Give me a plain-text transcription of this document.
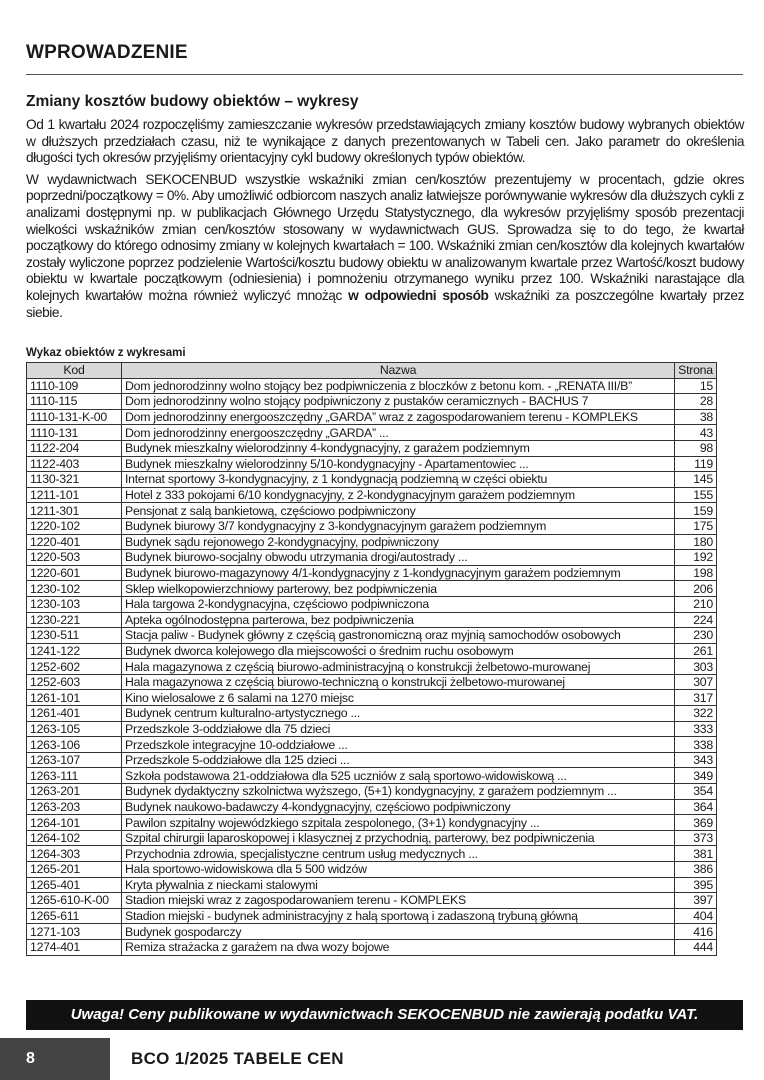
WPROWADZENIE
Zmiany kosztów budowy obiektów – wykresy

Od 1 kwartału 2024 rozpoczęliśmy zamieszczanie wykresów przedstawiających zmiany kosztów budowy wybranych obiektów w dłuższych przedziałach czasu, niż te wynikające z danych prezentowanych w Tabeli cen. Jako parametr do określenia długości tych okresów przyjęliśmy orientacyjny cykl budowy określonych typów obiektów.

W wydawnictwach SEKOCENBUD wszystkie wskaźniki zmian cen/kosztów prezentujemy w procentach, gdzie okres poprzedni/początkowy = 0%. Aby umożliwić odbiorcom naszych analiz łatwiejsze porównywanie wykresów dla dłuższych cykli z analizami dostępnymi np. w publikacjach Głównego Urzędu Statystycznego, dla wykresów przyjęliśmy sposób prezentacji wielkości wskaźników zmian cen/kosztów stosowany w wydawnictwach GUS. Sprowadza się to do tego, że kwartał początkowy do którego odnosimy zmiany w kolejnych kwartałach = 100. Wskaźniki zmian cen/kosztów dla kolejnych kwartałów zostały wyliczone poprzez podzielenie Wartości/kosztu budowy obiektu w analizowanym kwartale przez Wartość/koszt budowy obiektu w kwartale początkowym (odniesienia) i pomnożeniu otrzymanego wyniku przez 100. Wskaźniki narastające dla kolejnych kwartałów można również wyliczyć mnożąc w odpowiedni sposób wskaźniki za poszczególne kwartały przez siebie.

Wykaz obiektów z wykresami
Kod	Nazwa	Strona
1110-109	Dom jednorodzinny wolno stojący bez podpiwniczenia z bloczków z betonu kom. - „RENATA III/B”	15
1110-115	Dom jednorodzinny wolno stojący podpiwniczony z pustaków ceramicznych - BACHUS 7	28
1110-131-K-00	Dom jednorodzinny energooszczędny „GARDA” wraz z zagospodarowaniem terenu - KOMPLEKS	38
1110-131	Dom jednorodzinny energooszczędny „GARDA” ...	43
1122-204	Budynek mieszkalny wielorodzinny 4-kondygnacyjny, z garażem podziemnym	98
1122-403	Budynek mieszkalny wielorodzinny 5/10-kondygnacyjny - Apartamentowiec ...	119
1130-321	Internat sportowy 3-kondygnacyjny, z 1 kondygnacją podziemną w części obiektu	145
1211-101	Hotel z 333 pokojami 6/10 kondygnacyjny, z 2-kondygnacyjnym garażem podziemnym	155
1211-301	Pensjonat z salą bankietową, częściowo podpiwniczony	159
1220-102	Budynek biurowy 3/7 kondygnacyjny z 3-kondygnacyjnym garażem podziemnym	175
1220-401	Budynek sądu rejonowego 2-kondygnacyjny, podpiwniczony	180
1220-503	Budynek biurowo-socjalny obwodu utrzymania drogi/autostrady ...	192
1220-601	Budynek biurowo-magazynowy 4/1-kondygnacyjny z 1-kondygnacyjnym garażem podziemnym	198
1230-102	Sklep wielkopowierzchniowy parterowy, bez podpiwniczenia	206
1230-103	Hala targowa 2-kondygnacyjna, częściowo podpiwniczona	210
1230-221	Apteka ogólnodostępna parterowa, bez podpiwniczenia	224
1230-511	Stacja paliw - Budynek główny z częścią gastronomiczną oraz myjnią samochodów osobowych	230
1241-122	Budynek dworca kolejowego dla miejscowości o średnim ruchu osobowym	261
1252-602	Hala magazynowa z częścią biurowo-administracyjną o konstrukcji żelbetowo-murowanej	303
1252-603	Hala magazynowa z częścią biurowo-techniczną o konstrukcji żelbetowo-murowanej	307
1261-101	Kino wielosalowe z 6 salami na 1270 miejsc	317
1261-401	Budynek centrum kulturalno-artystycznego ...	322
1263-105	Przedszkole 3-oddziałowe dla 75 dzieci	333
1263-106	Przedszkole integracyjne 10-oddziałowe ...	338
1263-107	Przedszkole 5-oddziałowe dla 125 dzieci ...	343
1263-111	Szkoła podstawowa 21-oddziałowa dla 525 uczniów z salą sportowo-widowiskową ...	349
1263-201	Budynek dydaktyczny szkolnictwa wyższego, (5+1) kondygnacyjny, z garażem podziemnym ...	354
1263-203	Budynek naukowo-badawczy 4-kondygnacyjny, częściowo podpiwniczony	364
1264-101	Pawilon szpitalny wojewódzkiego szpitala zespolonego, (3+1) kondygnacyjny ...	369
1264-102	Szpital chirurgii laparoskopowej i klasycznej z przychodnią, parterowy, bez podpiwniczenia	373
1264-303	Przychodnia zdrowia, specjalistyczne centrum usług medycznych ...	381
1265-201	Hala sportowo-widowiskowa dla 5 500 widzów	386
1265-401	Kryta pływalnia z nieckami stalowymi	395
1265-610-K-00	Stadion miejski wraz z zagospodarowaniem terenu - KOMPLEKS	397
1265-611	Stadion miejski - budynek administracyjny z halą sportową i zadaszoną trybuną główną	404
1271-103	Budynek gospodarczy	416
1274-401	Remiza strażacka z garażem na dwa wozy bojowe	444
Uwaga! Ceny publikowane w wydawnictwach SEKOCENBUD nie zawierają podatku VAT.
8	BCO 1/2025 TABELE CEN
